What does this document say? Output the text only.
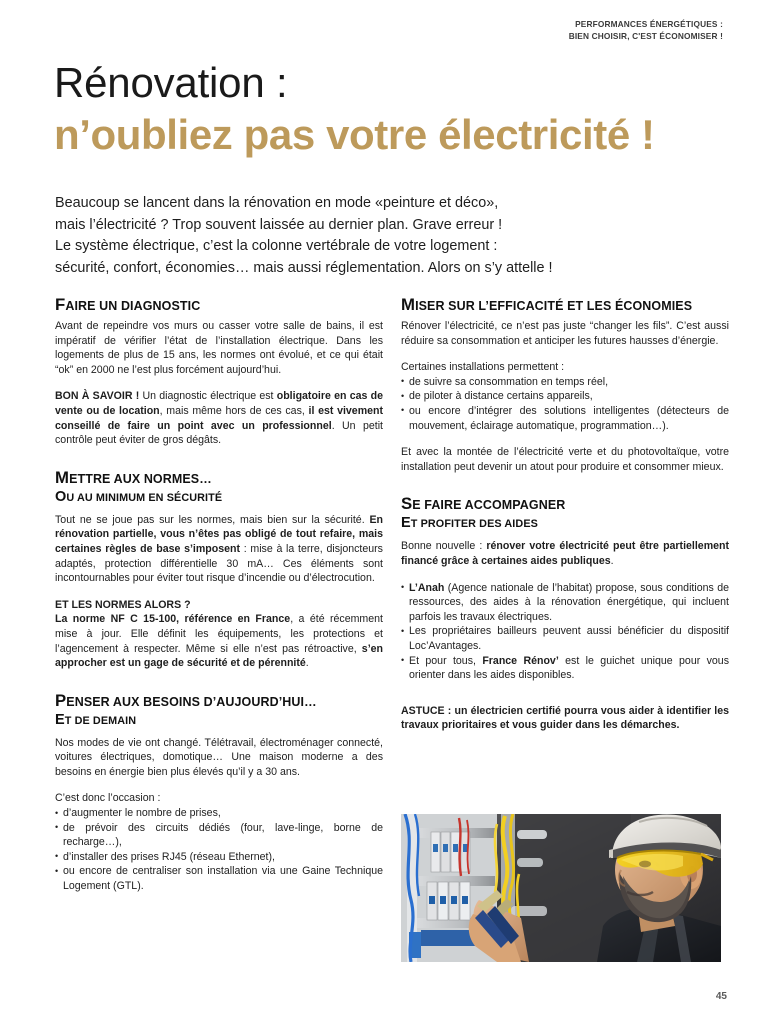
PERFORMANCES ÉNERGÉTIQUES :
BIEN CHOISIR, C'EST ÉCONOMISER !
Rénovation :
n’oubliez pas votre électricité !
Beaucoup se lancent dans la rénovation en mode «peinture et déco»,
mais l’électricité ? Trop souvent laissée au dernier plan. Grave erreur !
Le système électrique, c’est la colonne vertébrale de votre logement :
sécurité, confort, économies… mais aussi réglementation. Alors on s’y attelle !
FAIRE UN DIAGNOSTIC

Avant de repeindre vos murs ou casser votre salle de bains, il est impératif de vérifier l’état de l’installation électrique. Dans les logements de plus de 15 ans, les normes ont évolué, et ce qui était “ok” en 2000 ne l’est plus forcément aujourd’hui.

BON À SAVOIR ! Un diagnostic électrique est obligatoire en cas de vente ou de location, mais même hors de ces cas, il est vivement conseillé de faire un point avec un professionnel. Un petit contrôle peut éviter de gros dégâts.

METTRE AUX NORMES…
OU AU MINIMUM EN SÉCURITÉ

Tout ne se joue pas sur les normes, mais bien sur la sécurité. En rénovation partielle, vous n’êtes pas obligé de tout refaire, mais certaines règles de base s’imposent : mise à la terre, disjoncteurs adaptés, protection différentielle 30 mA… Ces éléments sont incontournables pour éviter tout risque d’incendie ou d’électrocution.

ET LES NORMES ALORS ?

La norme NF C 15-100, référence en France, a été récemment mise à jour. Elle définit les équipements, les protections et l’agencement à respecter. Même si elle n’est pas rétroactive, s’en approcher est un gage de sécurité et de pérennité.

PENSER AUX BESOINS D’AUJOURD’HUI…
ET DE DEMAIN

Nos modes de vie ont changé. Télétravail, électroménager connecté, voitures électriques, domotique… Une maison moderne a des besoins en énergie bien plus élevés qu’il y a 30 ans.

C’est donc l’occasion :

• d’augmenter le nombre de prises,
• de prévoir des circuits dédiés (four, lave-linge, borne de recharge…),
• d’installer des prises RJ45 (réseau Ethernet),
• ou encore de centraliser son installation via une Gaine Technique Logement (GTL).
MISER SUR L’EFFICACITÉ ET LES ÉCONOMIES

Rénover l’électricité, ce n’est pas juste “changer les fils”. C’est aussi réduire sa consommation et anticiper les futures hausses d’énergie.

Certaines installations permettent :

• de suivre sa consommation en temps réel,
• de piloter à distance certains appareils,
• ou encore d’intégrer des solutions intelligentes (détecteurs de mouvement, éclairage automatique, programmation…).

Et avec la montée de l’électricité verte et du photovoltaïque, votre installation peut devenir un atout pour produire et consommer mieux.

SE FAIRE ACCOMPAGNER
ET PROFITER DES AIDES

Bonne nouvelle : rénover votre électricité peut être partiellement financé grâce à certaines aides publiques.

• L’Anah (Agence nationale de l’habitat) propose, sous conditions de ressources, des aides à la rénovation énergétique, qui incluent parfois les travaux électriques.
• Les propriétaires bailleurs peuvent aussi bénéficier du dispositif Loc’Avantages.
• Et pour tous, France Rénov’ est le guichet unique pour vous orienter dans les aides disponibles.

ASTUCE : un électricien certifié pourra vous aider à identifier les travaux prioritaires et vous guider dans les démarches.

45
